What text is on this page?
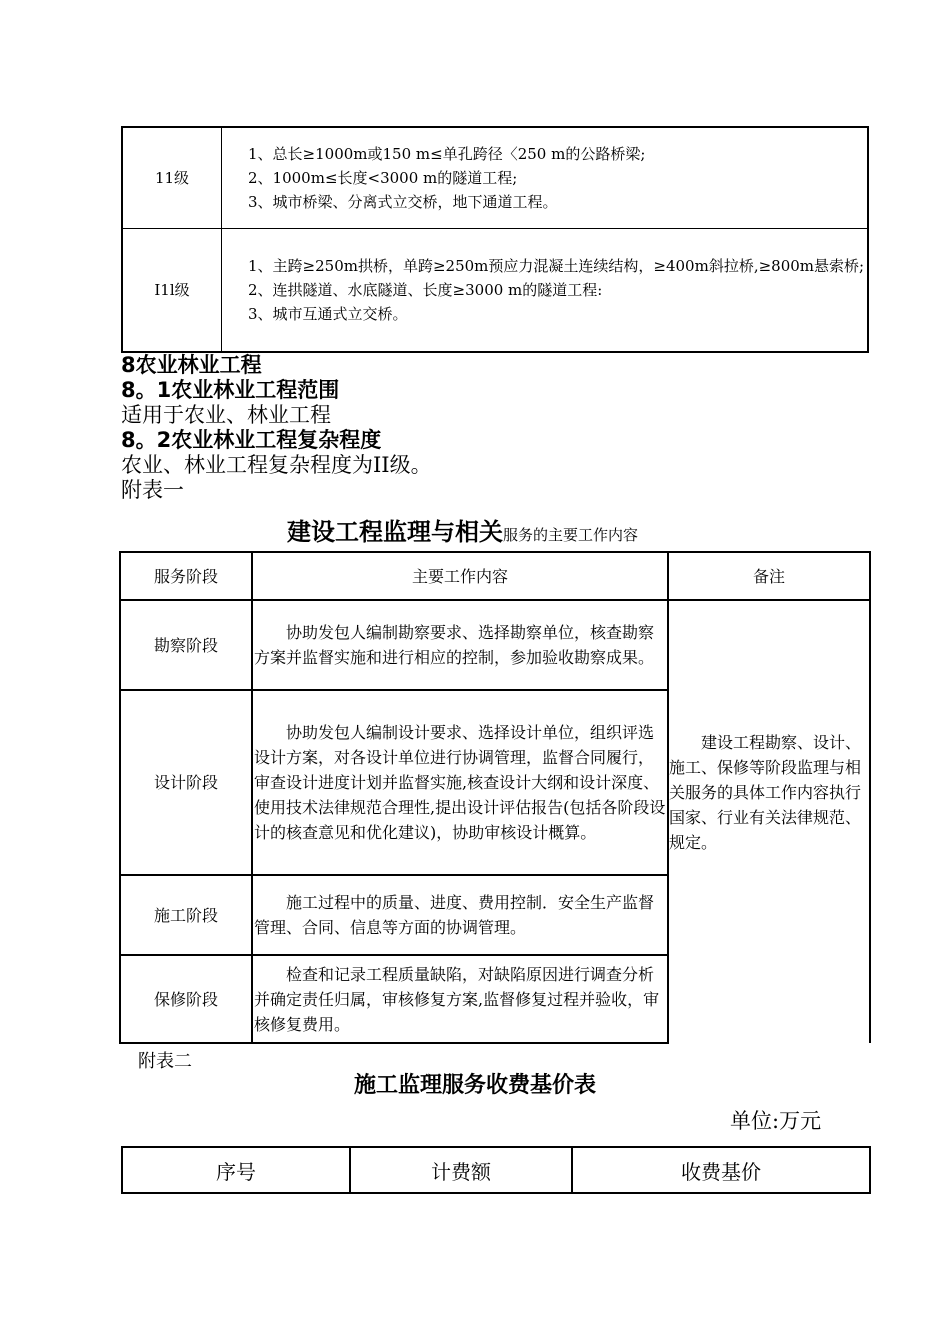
11级	1、总长≥1000m或150 m≤单孔跨径〈250 m的公路桥梁;
2、1000m≤长度<3000 m的隧道工程;
3、城市桥梁、分离式立交桥，地下通道工程。

I1l级	1、主跨≥250m拱桥，单跨≥250m预应力混凝土连续结构，≥400m斜拉桥,≥800m悬索桥;
2、连拱隧道、水底隧道、长度≥3000 m的隧道工程:
3、城市互通式立交桥。
8农业林业工程
8。1农业林业工程范围
适用于农业、林业工程
8。2农业林业工程复杂程度
农业、林业工程复杂程度为II级。
附表一
建设工程监理与相关服务的主要工作内容
服务阶段	主要工作内容	备注
勘察阶段	协助发包人编制勘察要求、选择勘察单位，核查勘察方案并监督实施和进行相应的控制，参加验收勘察成果。	建设工程勘察、设计、施工、保修等阶段监理与相关服务的具体工作内容执行国家、行业有关法律规范、规定。
设计阶段	协助发包人编制设计要求、选择设计单位，组织评选设计方案，对各设计单位进行协调管理，监督合同履行，审查设计进度计划并监督实施,核查设计大纲和设计深度、使用技术法律规范合理性,提出设计评估报告(包括各阶段设计的核查意见和优化建议)，协助审核设计概算。	
施工阶段	施工过程中的质量、进度、费用控制．安全生产监督管理、合同、信息等方面的协调管理。	
保修阶段	检查和记录工程质量缺陷，对缺陷原因进行调查分析并确定责任归属，审核修复方案,监督修复过程并验收，审核修复费用。	
附表二
施工监理服务收费基价表
单位:万元
序号	计费额	收费基价
